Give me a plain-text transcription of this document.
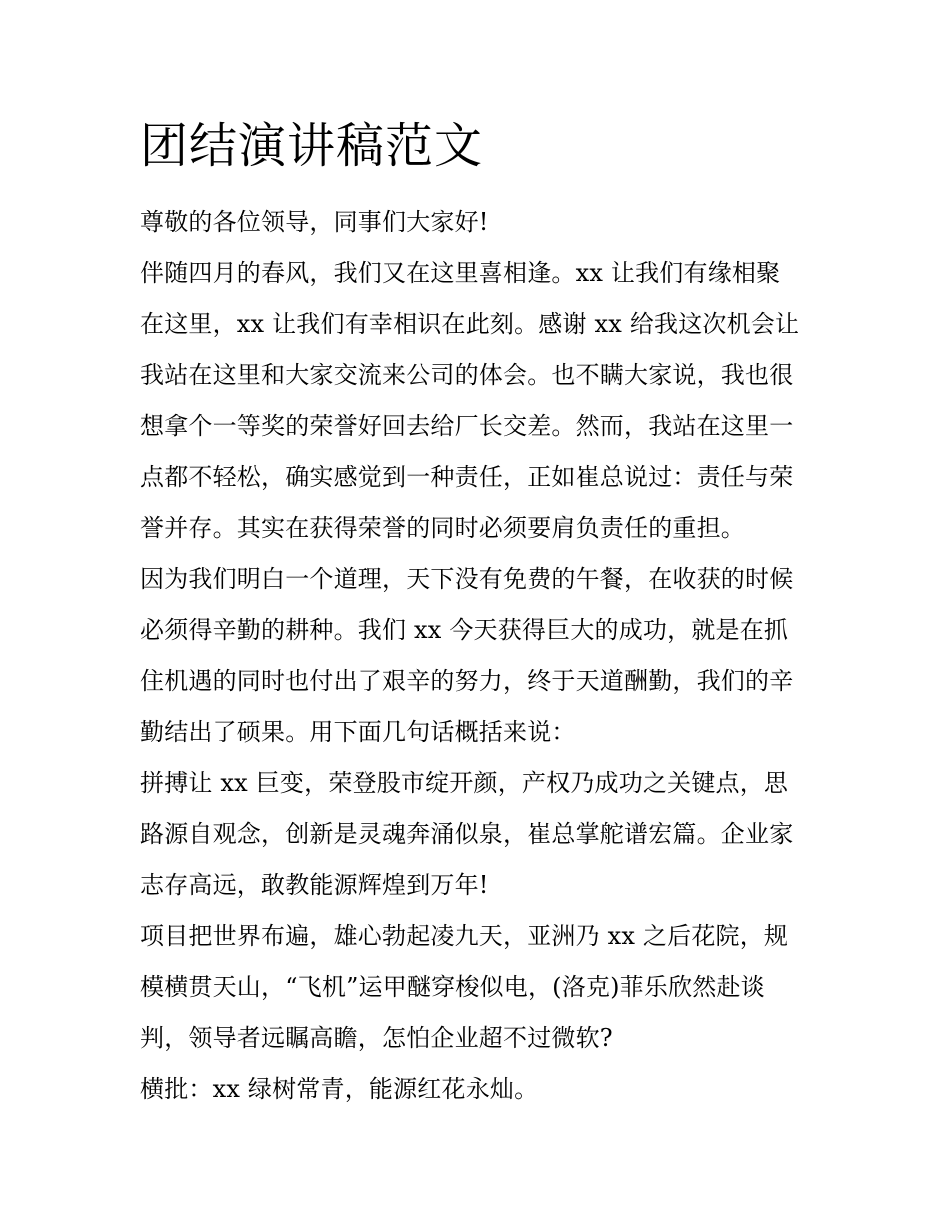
团结演讲稿范文
尊敬的各位领导，同事们大家好!
伴随四月的春风，我们又在这里喜相逢。xx 让我们有缘相聚
在这里，xx 让我们有幸相识在此刻。感谢 xx 给我这次机会让
我站在这里和大家交流来公司的体会。也不瞒大家说，我也很
想拿个一等奖的荣誉好回去给厂长交差。然而，我站在这里一
点都不轻松，确实感觉到一种责任，正如崔总说过：责任与荣
誉并存。其实在获得荣誉的同时必须要肩负责任的重担。
因为我们明白一个道理，天下没有免费的午餐，在收获的时候
必须得辛勤的耕种。我们 xx 今天获得巨大的成功，就是在抓
住机遇的同时也付出了艰辛的努力，终于天道酬勤，我们的辛
勤结出了硕果。用下面几句话概括来说：
拼搏让 xx 巨变，荣登股市绽开颜，产权乃成功之关键点，思
路源自观念，创新是灵魂奔涌似泉，崔总掌舵谱宏篇。企业家
志存高远，敢教能源辉煌到万年!
项目把世界布遍，雄心勃起凌九天，亚洲乃 xx 之后花院，规
模横贯天山，“飞机”运甲醚穿梭似电，(洛克)菲乐欣然赴谈
判，领导者远瞩高瞻，怎怕企业超不过微软?
横批：xx 绿树常青，能源红花永灿。
